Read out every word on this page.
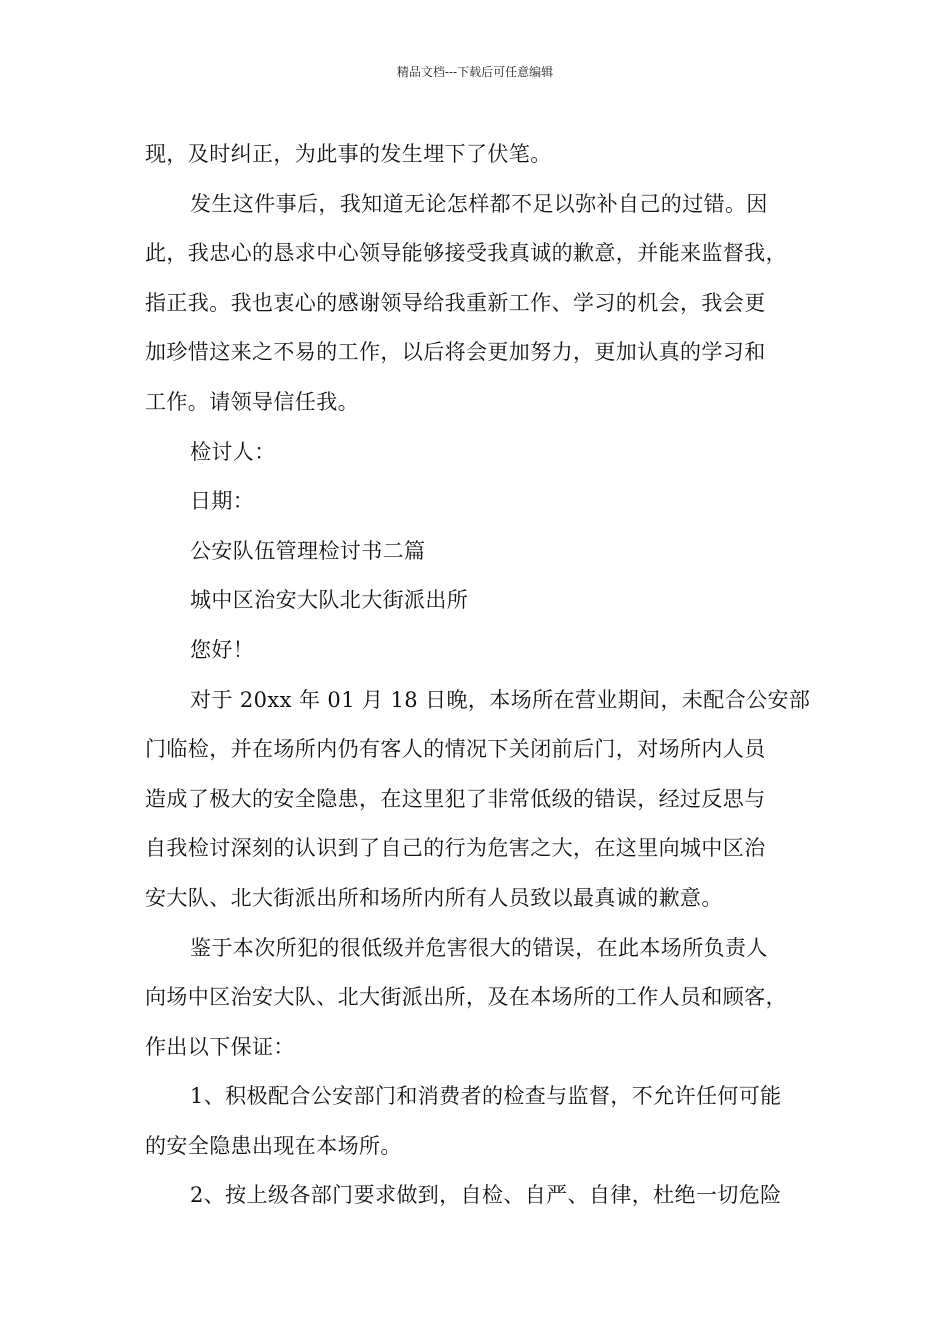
精品文档---下载后可任意编辑

现，及时纠正，为此事的发生埋下了伏笔。

发生这件事后，我知道无论怎样都不足以弥补自己的过错。因

此，我忠心的恳求中心领导能够接受我真诚的歉意，并能来监督我，

指正我。我也衷心的感谢领导给我重新工作、学习的机会，我会更

加珍惜这来之不易的工作，以后将会更加努力，更加认真的学习和

工作。请领导信任我。

检讨人：

日期：

公安队伍管理检讨书二篇

城中区治安大队北大街派出所

您好！

对于 20xx 年 01 月 18 日晚，本场所在营业期间，未配合公安部

门临检，并在场所内仍有客人的情况下关闭前后门，对场所内人员

造成了极大的安全隐患，在这里犯了非常低级的错误，经过反思与

自我检讨深刻的认识到了自己的行为危害之大，在这里向城中区治

安大队、北大街派出所和场所内所有人员致以最真诚的歉意。

鉴于本次所犯的很低级并危害很大的错误，在此本场所负责人

向场中区治安大队、北大街派出所，及在本场所的工作人员和顾客，

作出以下保证：

1、积极配合公安部门和消费者的检查与监督，不允许任何可能

的安全隐患出现在本场所。

2、按上级各部门要求做到，自检、自严、自律，杜绝一切危险
